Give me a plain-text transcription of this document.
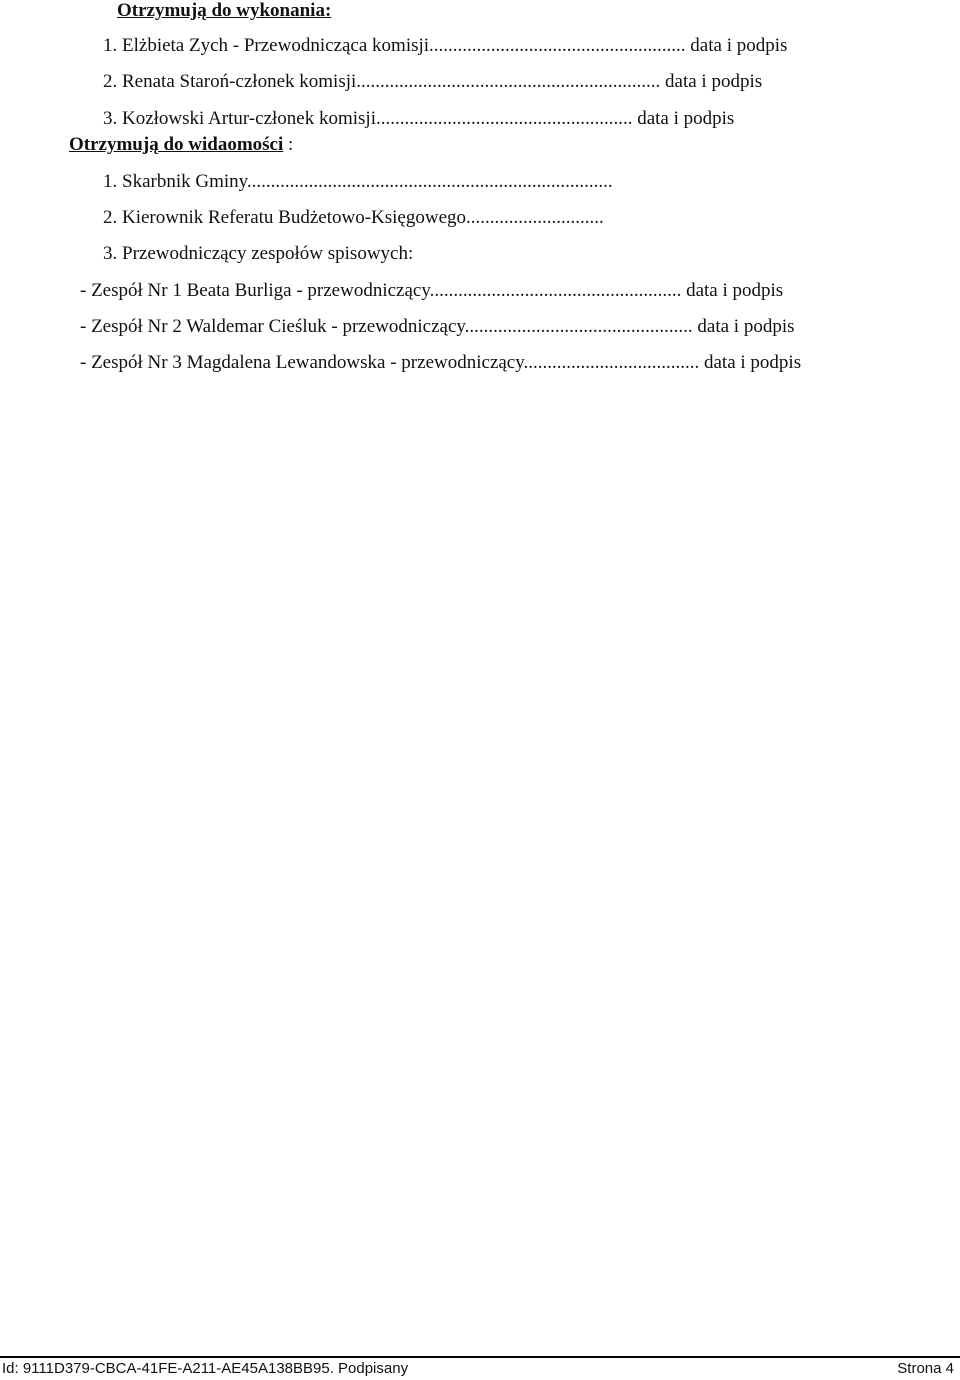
Otrzymują do wykonania:
1. Elżbieta Zych - Przewodnicząca komisji...................................................... data i podpis
2. Renata Staroń-członek komisji................................................................ data i podpis
3. Kozłowski Artur-członek komisji...................................................... data i podpis
Otrzymują do widaomości :
1. Skarbnik Gminy.............................................................................
2. Kierownik Referatu Budżetowo-Księgowego.............................
3. Przewodniczący zespołów spisowych:
- Zespół Nr 1 Beata Burliga - przewodniczący..................................................... data i podpis
- Zespół Nr 2 Waldemar Cieśluk - przewodniczący................................................ data i podpis
- Zespół Nr 3 Magdalena Lewandowska - przewodniczący..................................... data i podpis
Id: 9111D379-CBCA-41FE-A211-AE45A138BB95. Podpisany	Strona 4
